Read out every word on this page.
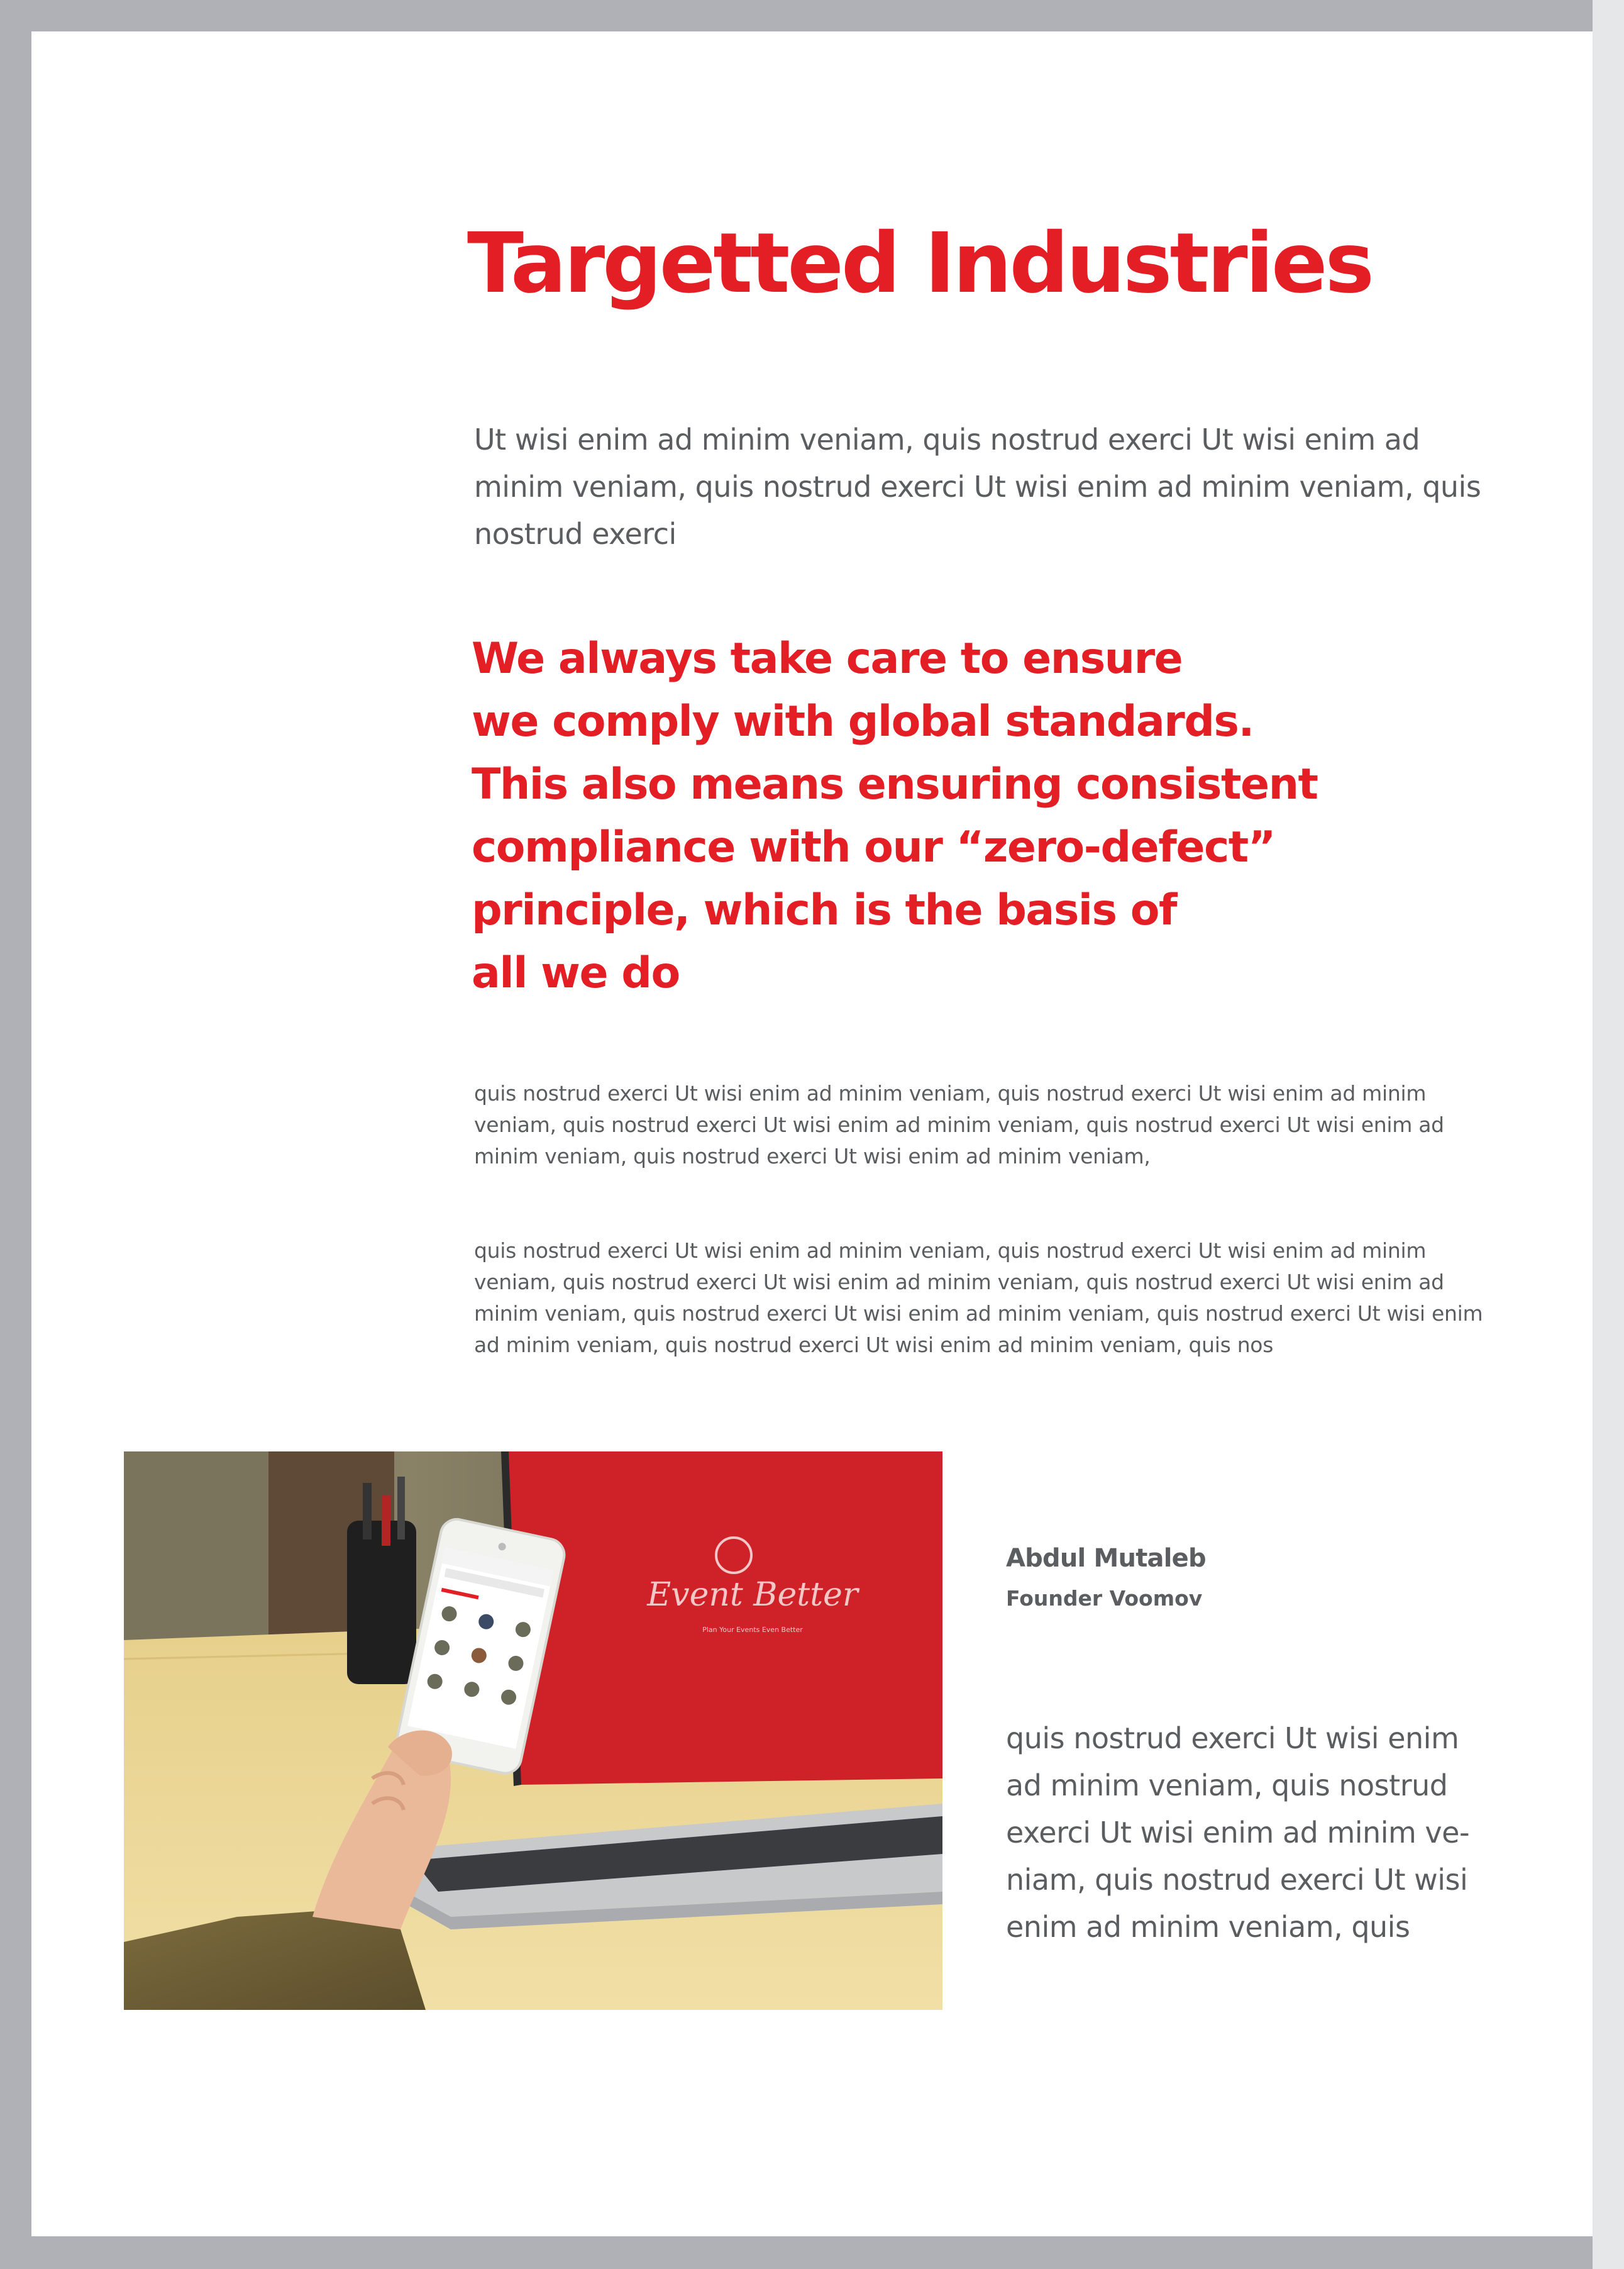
Targetted Industries

Ut wisi enim ad minim veniam, quis nostrud exerci Ut wisi enim ad minim veniam, quis nostrud exerci Ut wisi enim ad minim veniam, quis nostrud exerci

We always take care to ensure
we comply with global standards.
This also means ensuring consistent
compliance with our “zero-defect”
principle, which is the basis of
all we do

quis nostrud exerci Ut wisi enim ad minim veniam, quis nostrud exerci Ut wisi enim ad minim veniam, quis nostrud exerci Ut wisi enim ad minim veniam, quis nostrud exerci Ut wisi enim ad minim veniam, quis nostrud exerci Ut wisi enim ad minim veniam,

quis nostrud exerci Ut wisi enim ad minim veniam, quis nostrud exerci Ut wisi enim ad minim veniam, quis nostrud exerci Ut wisi enim ad minim veniam, quis nostrud exerci Ut wisi enim ad minim veniam, quis nostrud exerci Ut wisi enim ad minim veniam, quis nostrud exerci Ut wisi enim ad minim veniam, quis nostrud exerci Ut wisi enim ad minim veniam, quis nos

Event Better
Plan Your Events Even Better
Abdul Mutaleb
Founder Voomov
quis nostrud exerci Ut wisi enim
ad minim veniam, quis nostrud
exerci Ut wisi enim ad minim ve-
niam, quis nostrud exerci Ut wisi
enim ad minim veniam, quis
